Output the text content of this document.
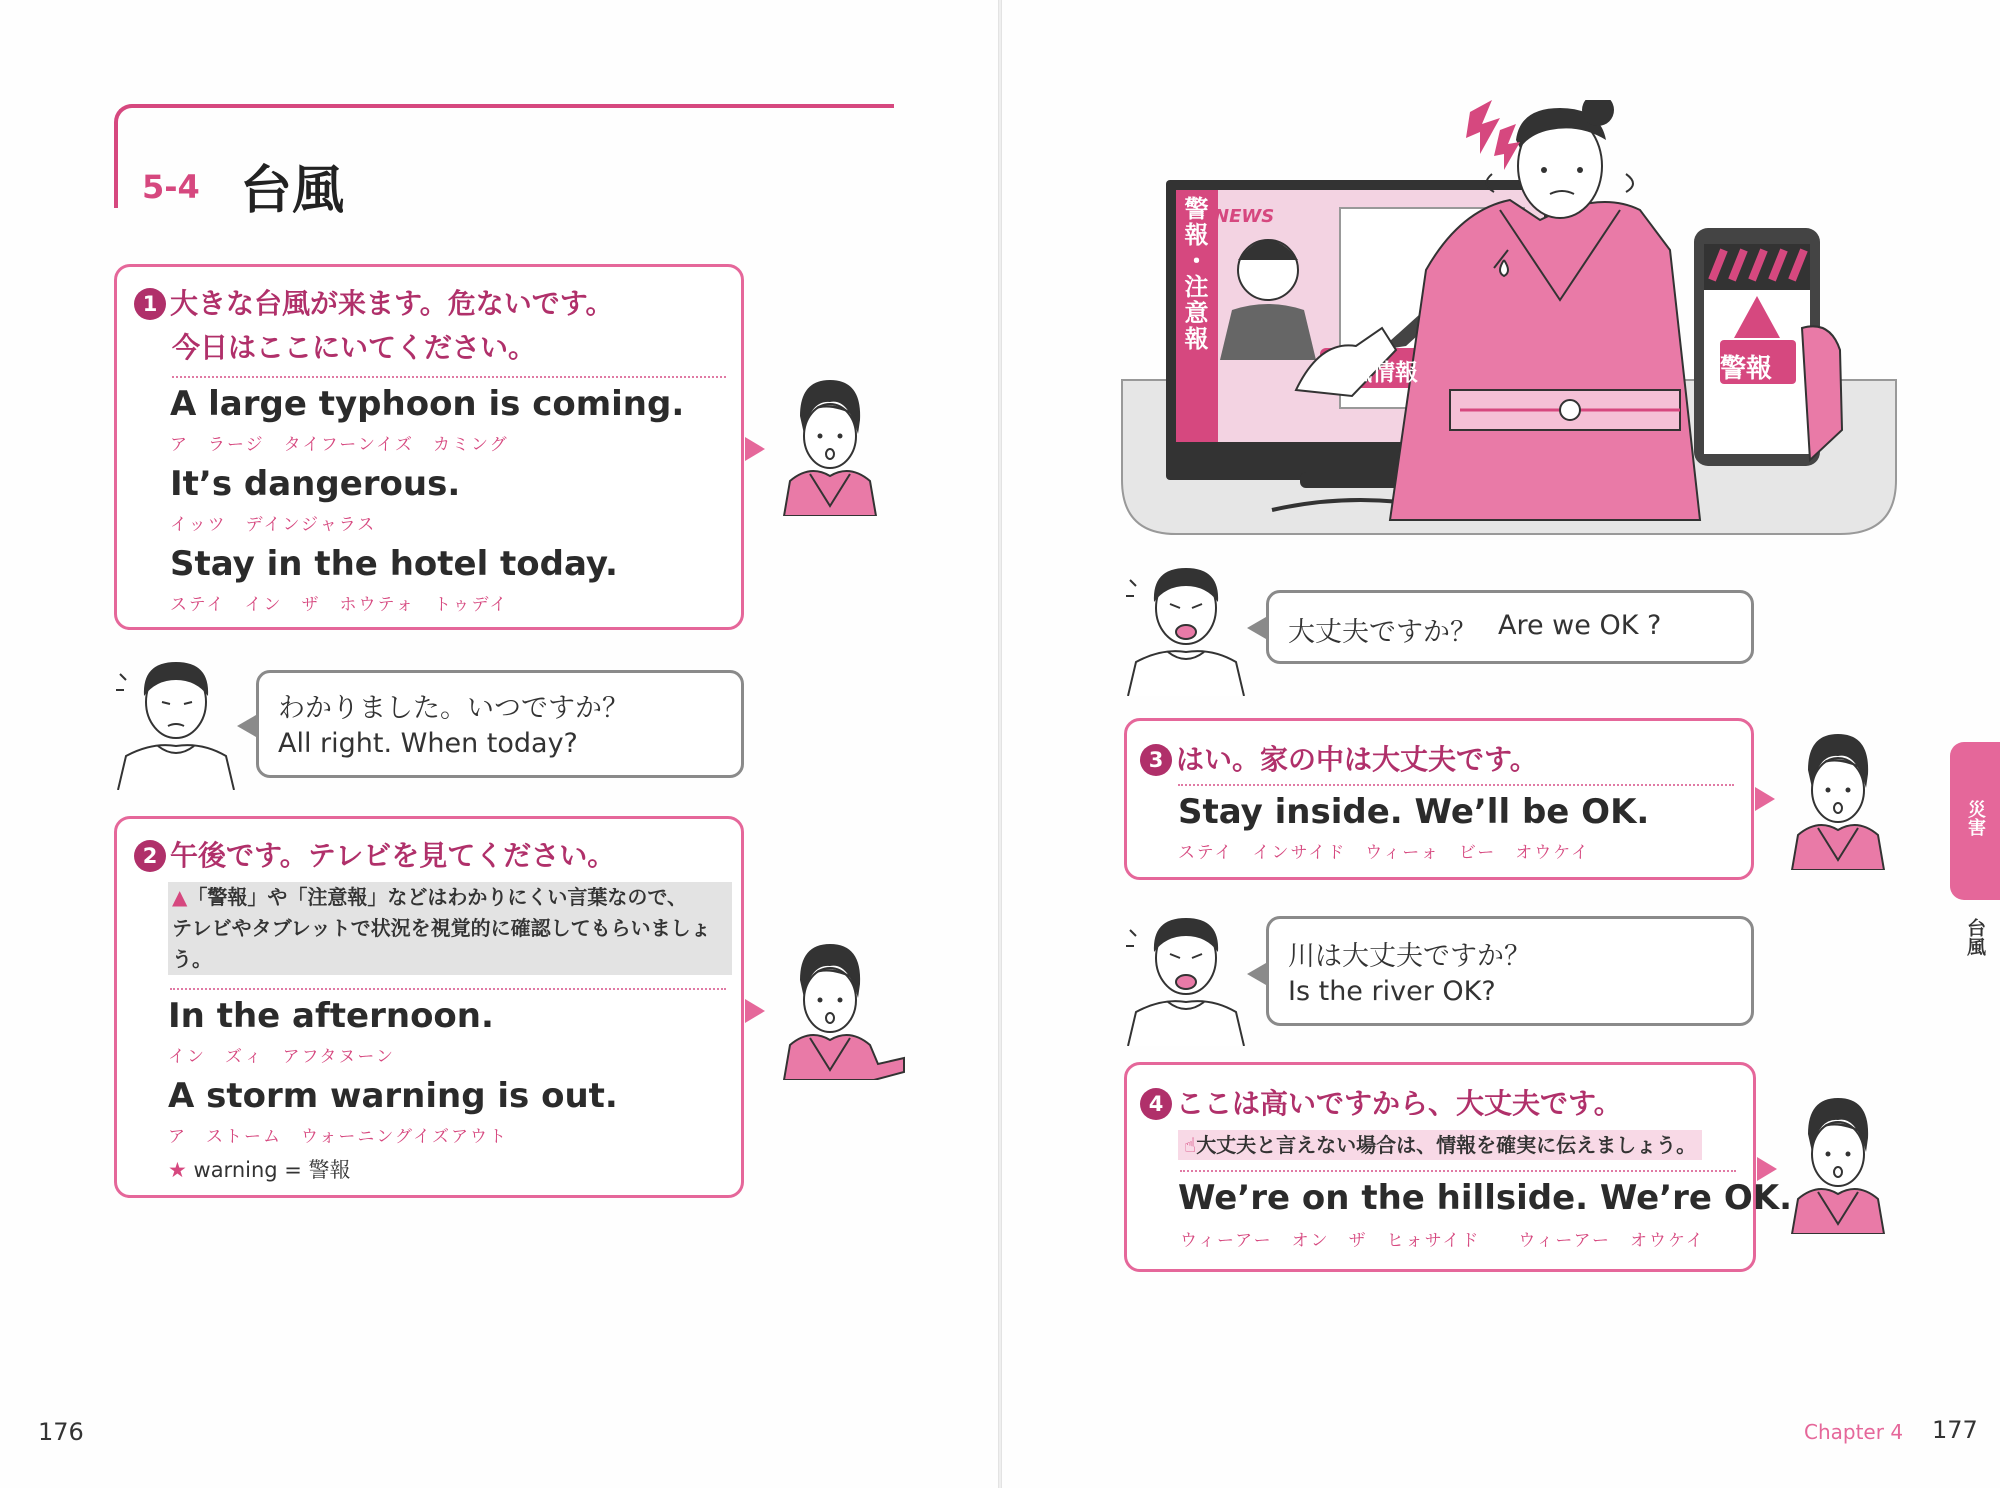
5-4 台風
1 大きな台風が来ます。危ないです。
今日はここにいてください。
A large typhoon is coming.
ア　ラージ　タイフーンイズ　カミング
It’s dangerous.
イッツ　デインジャラス
Stay in the hotel today.
ステイ　イン　ザ　ホウテォ　トゥデイ
わかりました。いつですか？
All right. When today?
2 午後です。テレビを見てください。
▲「警報」や「注意報」などはわかりにくい言葉なので、
テレビやタブレットで状況を視覚的に確認してもらいましょ
う。
In the afternoon.
イン　ズィ　アフタヌーン
A storm warning is out.
ア　ストーム　ウォーニングイズアウト
★ warning = 警報
警報・注意報 NEWS
台風情報	警報
大丈夫ですか？ Are we OK ?
3 はい。家の中は大丈夫です。
Stay inside. We’ll be OK.
ステイ　インサイド　ウィーォ　ビー　オウケイ
川は大丈夫ですか？
Is the river OK?
4 ここは高いですから、大丈夫です。
☝大丈夫と言えない場合は、情報を確実に伝えましょう。
We’re on the hillside. We’re OK.
ウィーアー　オン　ザ　ヒォサイド　　ウィーアー　オウケイ
災害
台風
176	Chapter 4 177
